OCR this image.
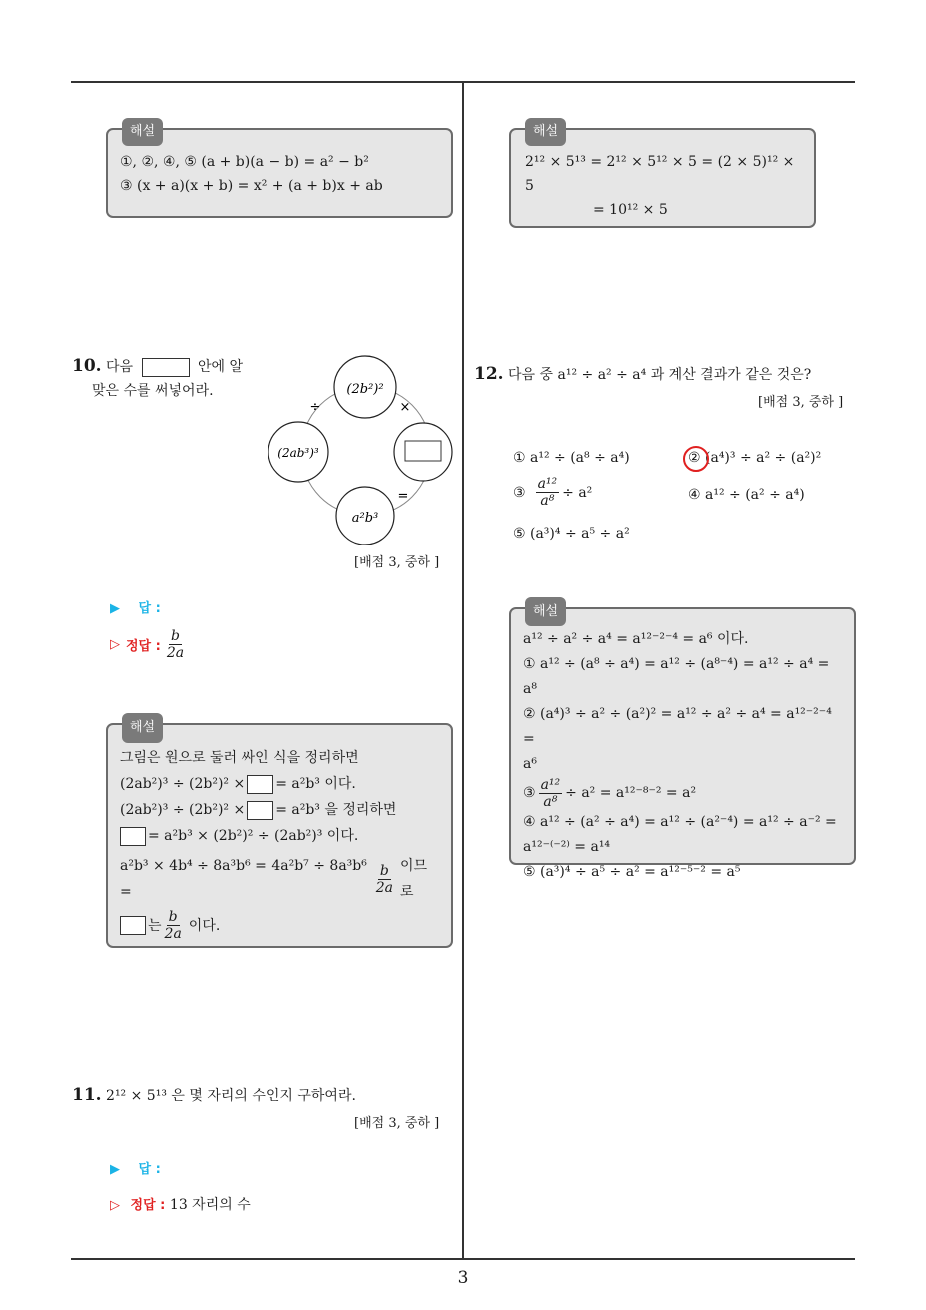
해설
①, ②, ④, ⑤ (a + b)(a − b) = a² − b²
③ (x + a)(x + b) = x² + (a + b)x + ab
10. 다음	안에 알
맞은 수를 써넣어라.	(2b²)²
(2ab³)³
a²b³
÷	×
=
[배점 3, 중하 ]
▶ 답 :
▷ 정답 : $\frac{b}{2a}$
해설
그림은 원으로 둘러 싸인 식을 정리하면
(2ab²)³ ÷ (2b²)² × = a²b³ 이다.
(2ab²)³ ÷ (2b²)² × = a²b³ 을 정리하면
= a²b³ × (2b²)² ÷ (2ab²)³ 이다.
a²b³ × 4b⁴ ÷ 8a³b⁶ = 4a²b⁷ ÷ 8a³b⁶ =	$\frac{b}{2a}$ 이므로
는 $\frac{b}{2a}$ 이다.
11. 2¹² × 5¹³ 은 몇 자리의 수인지 구하여라.
[배점 3, 중하 ]
▶ 답 :
▷ 정답 : 13 자리의 수
해설
2¹² × 5¹³ = 2¹² × 5¹² × 5 = (2 × 5)¹² × 5
= 10¹² × 5
12. 다음 중 a¹² ÷ a² ÷ a⁴ 과 계산 결과가 같은 것은?
[배점 3, 중하 ]
① a¹² ÷ (a⁸ ÷ a⁴)	② (a⁴)³ ÷ a² ÷ (a²)²
③ $\frac{\text{a¹²}}{\text{a⁸}} \div a^2$	④ a¹² ÷ (a² ÷ a⁴)
⑤ (a³)⁴ ÷ a⁵ ÷ a²
해설
a¹² ÷ a² ÷ a⁴ = a¹²⁻²⁻⁴ = a⁶ 이다.
① a¹² ÷ (a⁸ ÷ a⁴) = a¹² ÷ (a⁸⁻⁴) = a¹² ÷ a⁴ = a⁸
② (a⁴)³ ÷ a² ÷ (a²)² = a¹² ÷ a² ÷ a⁴ = a¹²⁻²⁻⁴ =
a⁶
③ $\frac{\text{a¹²}}{\text{a⁸}} \div a^2 = a^{12-8-2} = a^2$
④ a¹² ÷ (a² ÷ a⁴) = a¹² ÷ (a²⁻⁴) = a¹² ÷ a⁻² =
a¹²⁻⁽⁻²⁾ = a¹⁴
⑤ (a³)⁴ ÷ a⁵ ÷ a² = a¹²⁻⁵⁻² = a⁵
3
